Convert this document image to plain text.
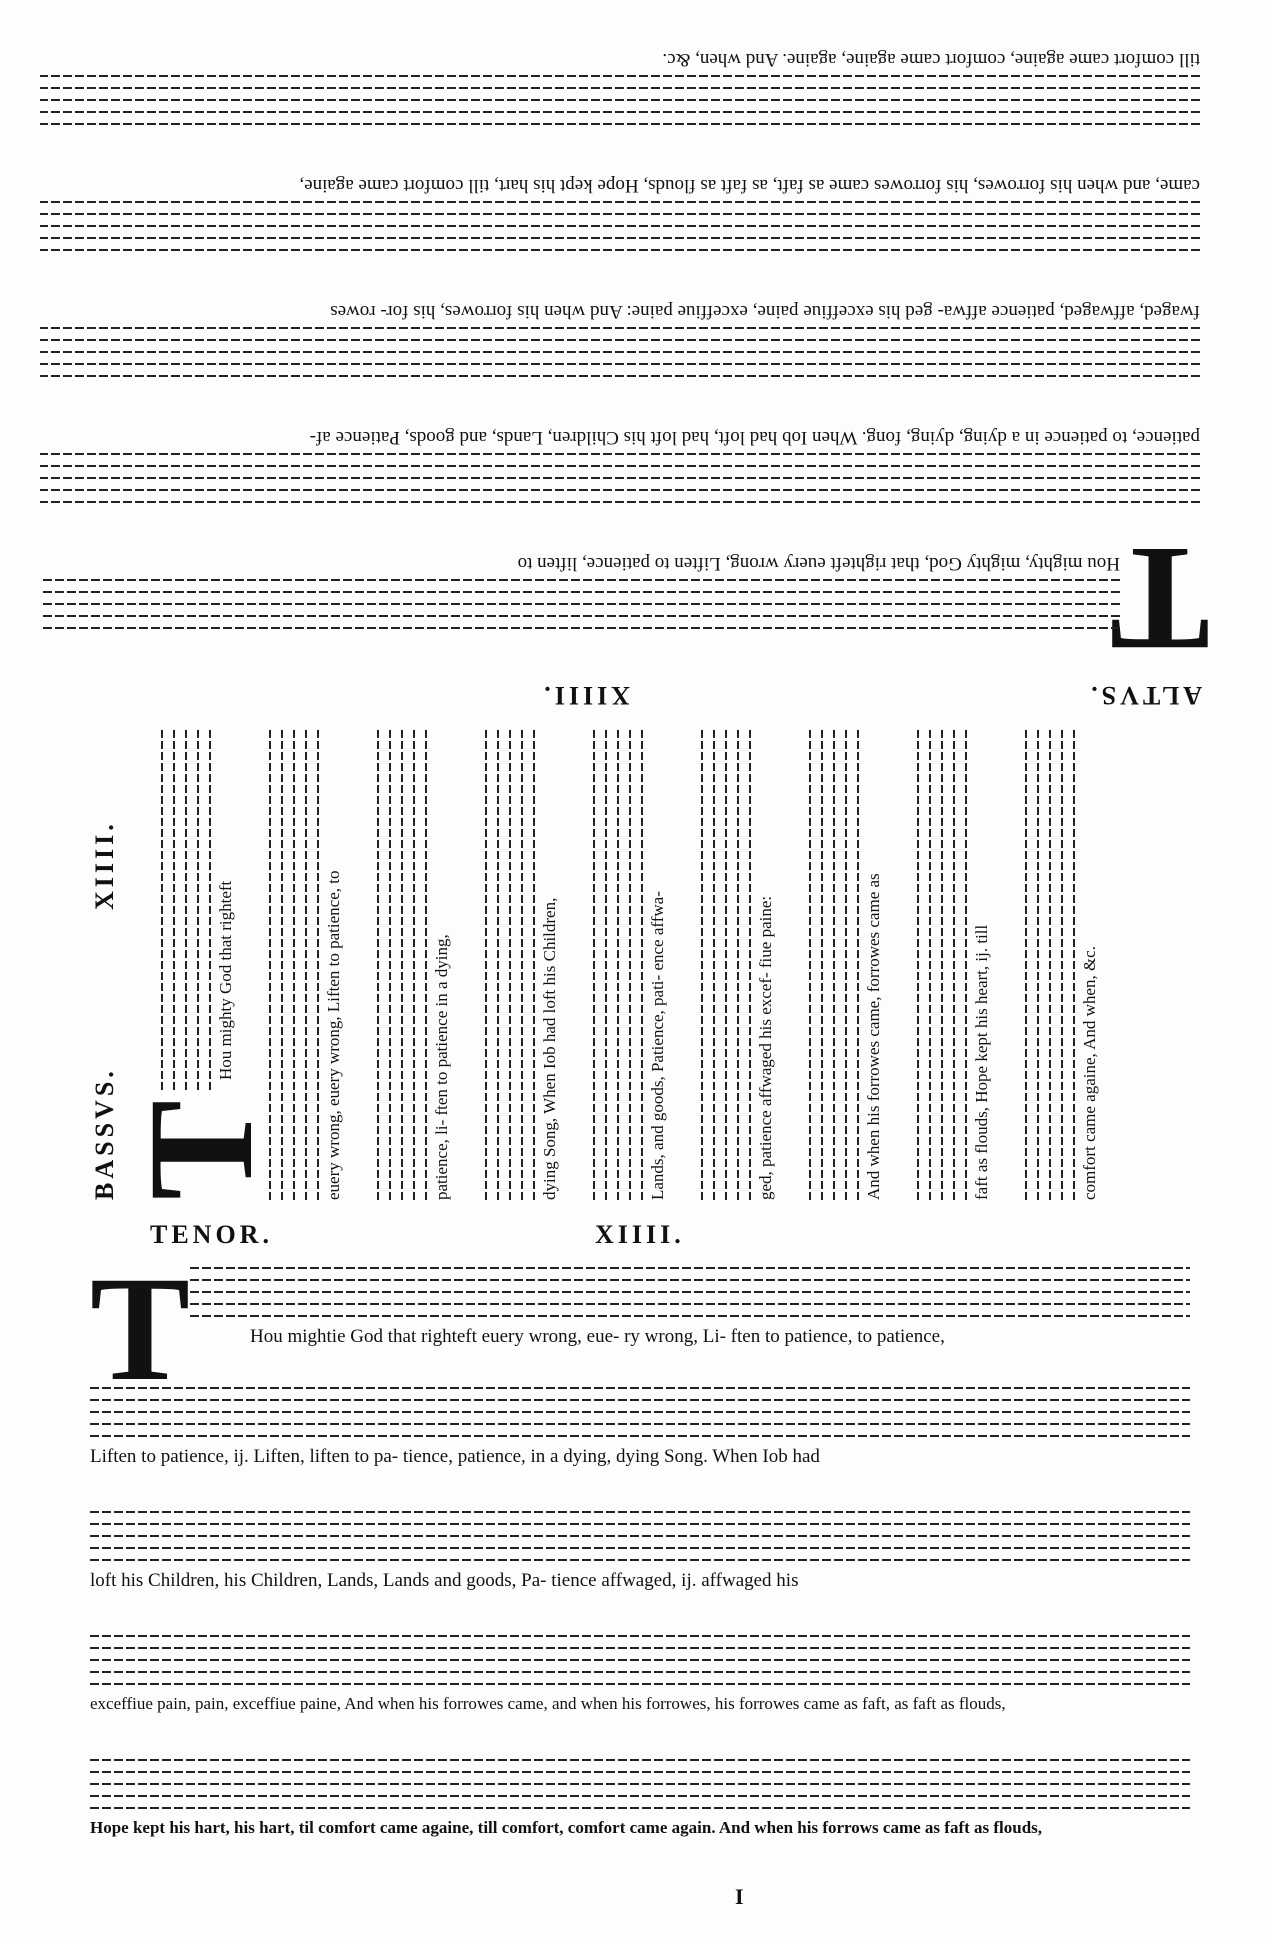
ALTVS.
XIIII.
T
Hou mighty, mighty God, that righteft euery wrong, Liften to patience, liften to
patience, to patience in a dying, dying, fong. When Iob had loft, had loft his Children, Lands, and goods, Patience af-
fwaged, affwaged, patience affwa- ged his exceffiue paine, exceffiue paine: And when his forrowes, his for- rowes
came, and when his forrowes, his forrowes came as faft, as faft as flouds, Hope kept his hart, till comfort came againe,
till comfort came againe, comfort came againe, againe. And when, &c.
BASSVS.
XIIII.
T
Hou mighty God that righteft	euery wrong, euery wrong, Liften to patience, to	patience, li- ften to patience in a dying,	dying Song, When Iob had loft his Children,	Lands, and goods, Patience, pati- ence affwa-	ged, patience affwaged his excef- fiue paine:	And when his forrowes came, forrowes came as	faft as flouds, Hope kept his heart, ij. till	comfort came againe, And when, &c.
TENOR.	XIIII.
T	Hou mightie God that righteft euery wrong, eue- ry wrong, Li- ften to patience, to patience,
Liften to patience, ij. Liften, liften to pa- tience, patience, in a dying, dying Song. When Iob had
loft his Children, his Children, Lands, Lands and goods, Pa- tience affwaged, ij. affwaged his
exceffiue pain, pain, exceffiue paine, And when his forrowes came, and when his forrowes, his forrowes came as faft, as faft as flouds,
Hope kept his hart, his hart, til comfort came againe, till comfort, comfort came again. And when his forrows came as faft as flouds,
I
